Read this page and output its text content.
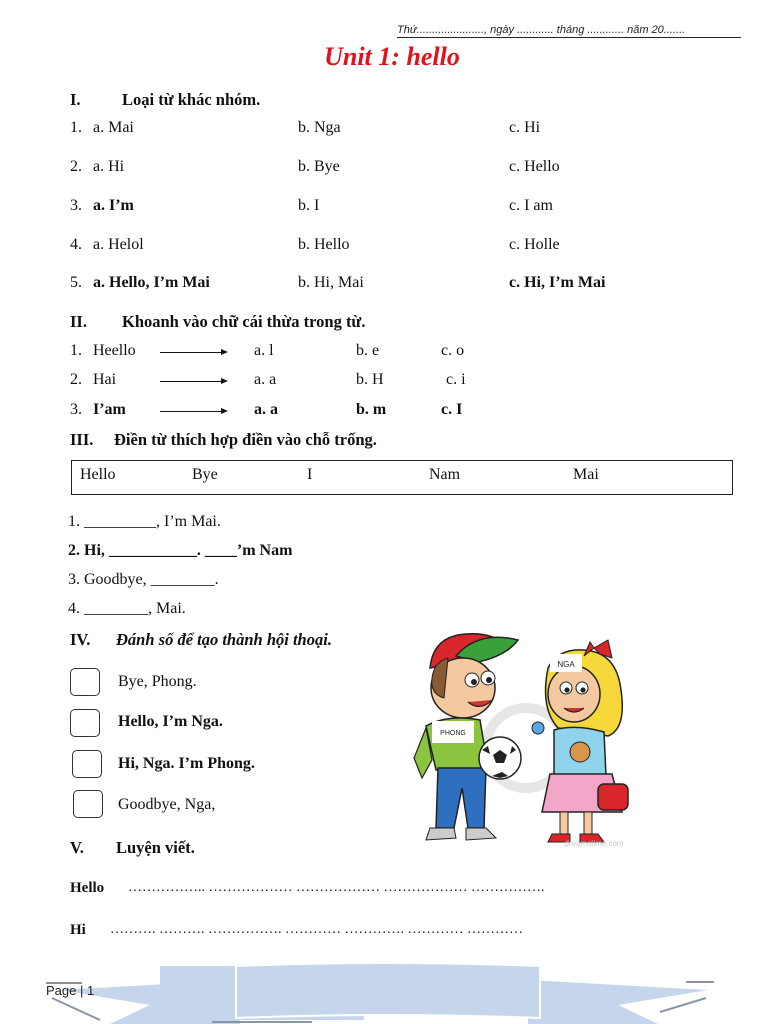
Thứ......................, ngày ............ tháng ............ năm 20.......
Unit 1: hello
I.	Loại từ khác nhóm.
1. a. Mai	b. Nga	c. Hi
2. a. Hi	b. Bye	c. Hello
3. a. I’m	b. I	c. I am
4. a. Helol	b. Hello	c. Holle
5. a. Hello, I’m Mai	b. Hi, Mai	c. Hi, I’m Mai
II. Khoanh vào chữ cái thừa trong từ.
1. Heello	a. l	b. e	c. o
2. Hai	a. a	b. H	c. i
3. I’am	a. a	b. m	c. I
III. Điền từ thích hợp điền vào chỗ trống.
Hello	Bye	I	Nam	Mai
1. _________, I’m Mai.
2. Hi, ___________. ____’m Nam
3. Goodbye, ________.
4. ________, Mai.
IV. Đánh số để tạo thành hội thoại.
Bye, Phong.
Hello, I’m Nga.
Hi, Nga. I’m Phong.
Goodbye, Nga,
PHONG
NGA
dreamstime.com
V. Luyện viết.
Hello …………….. ……………… ……………… ……………… …………….
Hi ………. ………. ……………. ………… …………. ………… …………
Page | 1
